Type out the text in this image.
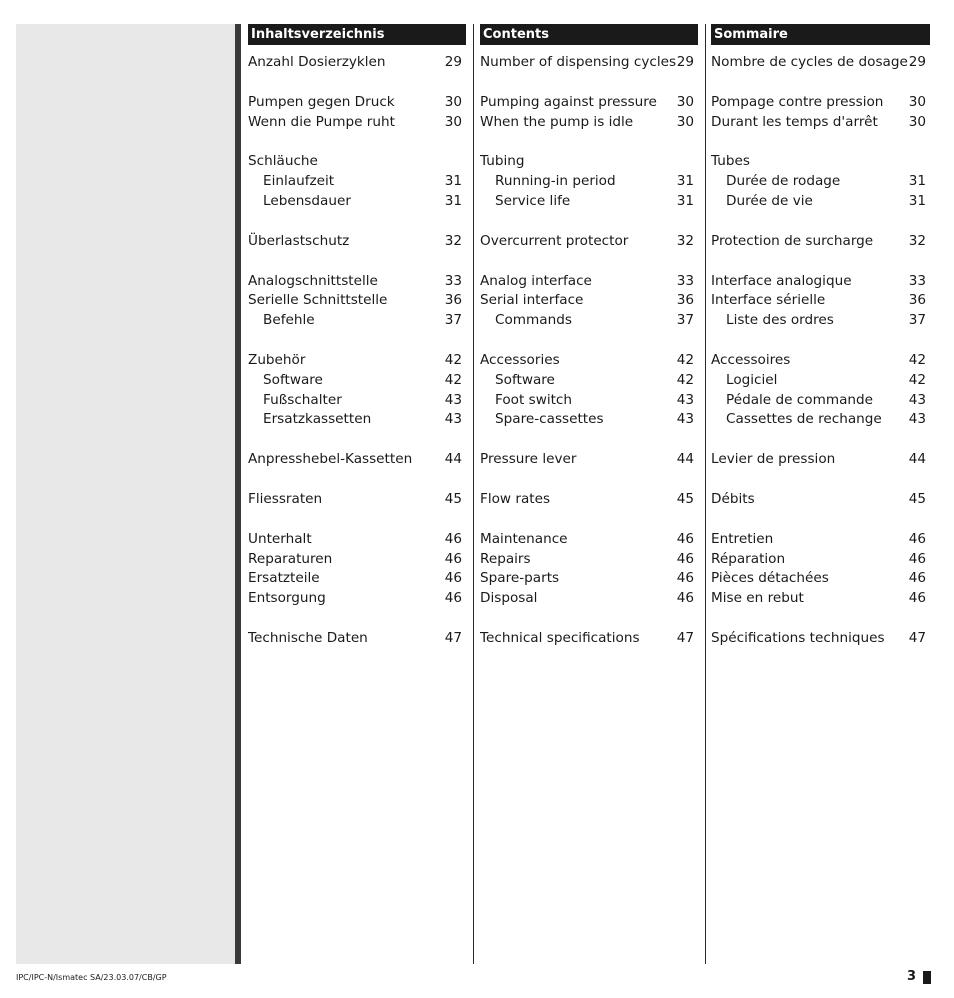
Inhaltsverzeichnis
Anzahl Dosierzyklen	29
Pumpen gegen Druck	30
Wenn die Pumpe ruht	30
Schläuche
Einlaufzeit	31
Lebensdauer	31
Überlastschutz	32
Analogschnittstelle	33
Serielle Schnittstelle	36
Befehle	37
Zubehör	42
Software	42
Fußschalter	43
Ersatzkassetten	43
Anpresshebel-Kassetten 44
Fliessraten	45
Unterhalt	46
Reparaturen	46
Ersatzteile	46
Entsorgung	46
Technische Daten	47
Contents
Number of dispensing cycles 29
Pumping against pressure 30
When the pump is idle	30
Tubing
Running-in period	31
Service life	31
Overcurrent protector	32
Analog interface	33
Serial interface	36
Commands	37
Accessories	42
Software	42
Foot switch	43
Spare-cassettes	43
Pressure lever	44
Flow rates	45
Maintenance	46
Repairs	46
Spare-parts	46
Disposal	46
Technical specifications	47
Sommaire
Nombre de cycles de dosage 29
Pompage contre pression 30
Durant les temps d'arrêt 30
Tubes
Durée de rodage	31
Durée de vie	31
Protection de surcharge	32
Interface analogique	33
Interface sérielle	36
Liste des ordres	37
Accessoires	42
Logiciel	42
Pédale de commande	43
Cassettes de rechange 43
Levier de pression	44
Débits	45
Entretien	46
Réparation	46
Pièces détachées	46
Mise en rebut	46
Spécifications techniques 47
IPC/IPC-N/Ismatec SA/23.03.07/CB/GP	3
